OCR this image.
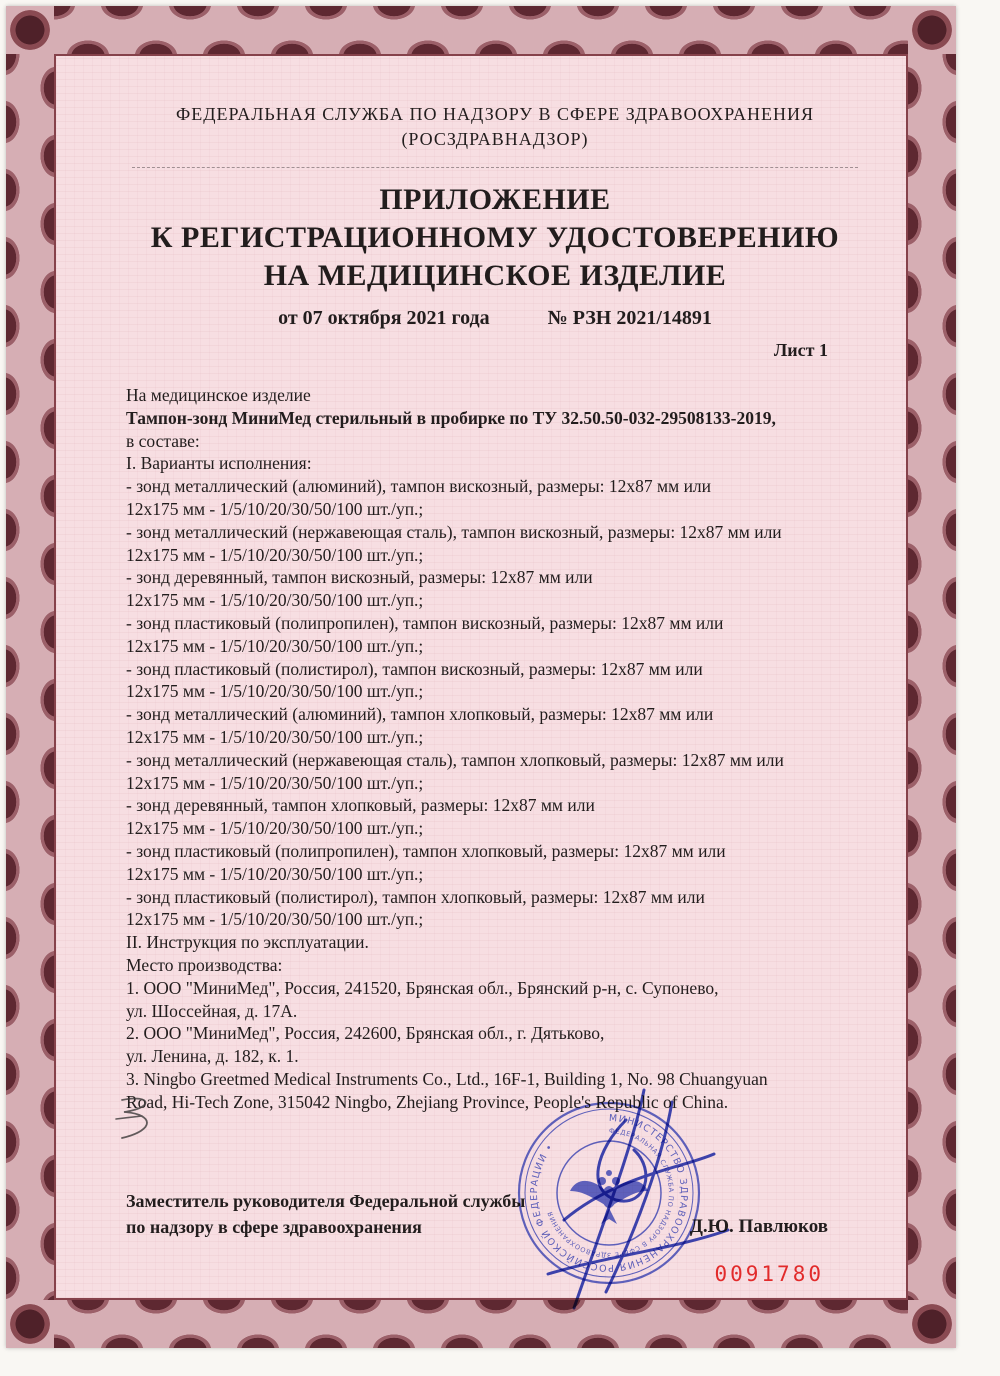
ФЕДЕРАЛЬНАЯ СЛУЖБА ПО НАДЗОРУ В СФЕРЕ ЗДРАВООХРАНЕНИЯ
(РОСЗДРАВНАДЗОР)
ПРИЛОЖЕНИЕ
К РЕГИСТРАЦИОННОМУ УДОСТОВЕРЕНИЮ
НА МЕДИЦИНСКОЕ ИЗДЕЛИЕ
от 07 октября 2021 года	№ РЗН 2021/14891
Лист 1
На медицинское изделие
Тампон-зонд МиниМед стерильный в пробирке по ТУ 32.50.50-032-29508133-2019,
в составе:
I. Варианты исполнения:
- зонд металлический (алюминий), тампон вискозный, размеры: 12х87 мм или
12х175 мм - 1/5/10/20/30/50/100 шт./уп.;
- зонд металлический (нержавеющая сталь), тампон вискозный, размеры: 12х87 мм или
12х175 мм - 1/5/10/20/30/50/100 шт./уп.;
- зонд деревянный, тампон вискозный, размеры: 12х87 мм или
12х175 мм - 1/5/10/20/30/50/100 шт./уп.;
- зонд пластиковый (полипропилен), тампон вискозный, размеры: 12х87 мм или
12х175 мм - 1/5/10/20/30/50/100 шт./уп.;
- зонд пластиковый (полистирол), тампон вискозный, размеры: 12х87 мм или
12х175 мм - 1/5/10/20/30/50/100 шт./уп.;
- зонд металлический (алюминий), тампон хлопковый, размеры: 12х87 мм или
12х175 мм - 1/5/10/20/30/50/100 шт./уп.;
- зонд металлический (нержавеющая сталь), тампон хлопковый, размеры: 12х87 мм или
12х175 мм - 1/5/10/20/30/50/100 шт./уп.;
- зонд деревянный, тампон хлопковый, размеры: 12х87 мм или
12х175 мм - 1/5/10/20/30/50/100 шт./уп.;
- зонд пластиковый (полипропилен), тампон хлопковый, размеры: 12х87 мм или
12х175 мм - 1/5/10/20/30/50/100 шт./уп.;
- зонд пластиковый (полистирол), тампон хлопковый, размеры: 12х87 мм или
12х175 мм - 1/5/10/20/30/50/100 шт./уп.;
II. Инструкция по эксплуатации.
Место производства:
1. ООО "МиниМед", Россия, 241520, Брянская обл., Брянский р-н, с. Супонево,
ул. Шоссейная, д. 17А.
2. ООО "МиниМед", Россия, 242600, Брянская обл., г. Дятьково,
ул. Ленина, д. 182, к. 1.
3. Ningbo Greetmed Medical Instruments Co., Ltd., 16F-1, Building 1, No. 98 Chuangyuan
Road, Hi-Tech Zone, 315042 Ningbo, Zhejiang Province, People's Republic of China.
Заместитель руководителя Федеральной службы
по надзору в сфере здравоохранения	Д.Ю. Павлюков
0091780
МИНИСТЕРСТВО ЗДРАВООХРАНЕНИЯ РОССИЙСКОЙ ФЕДЕРАЦИИ •
ФЕДЕРАЛЬНАЯ СЛУЖБА ПО НАДЗОРУ В СФЕРЕ ЗДРАВООХРАНЕНИЯ
